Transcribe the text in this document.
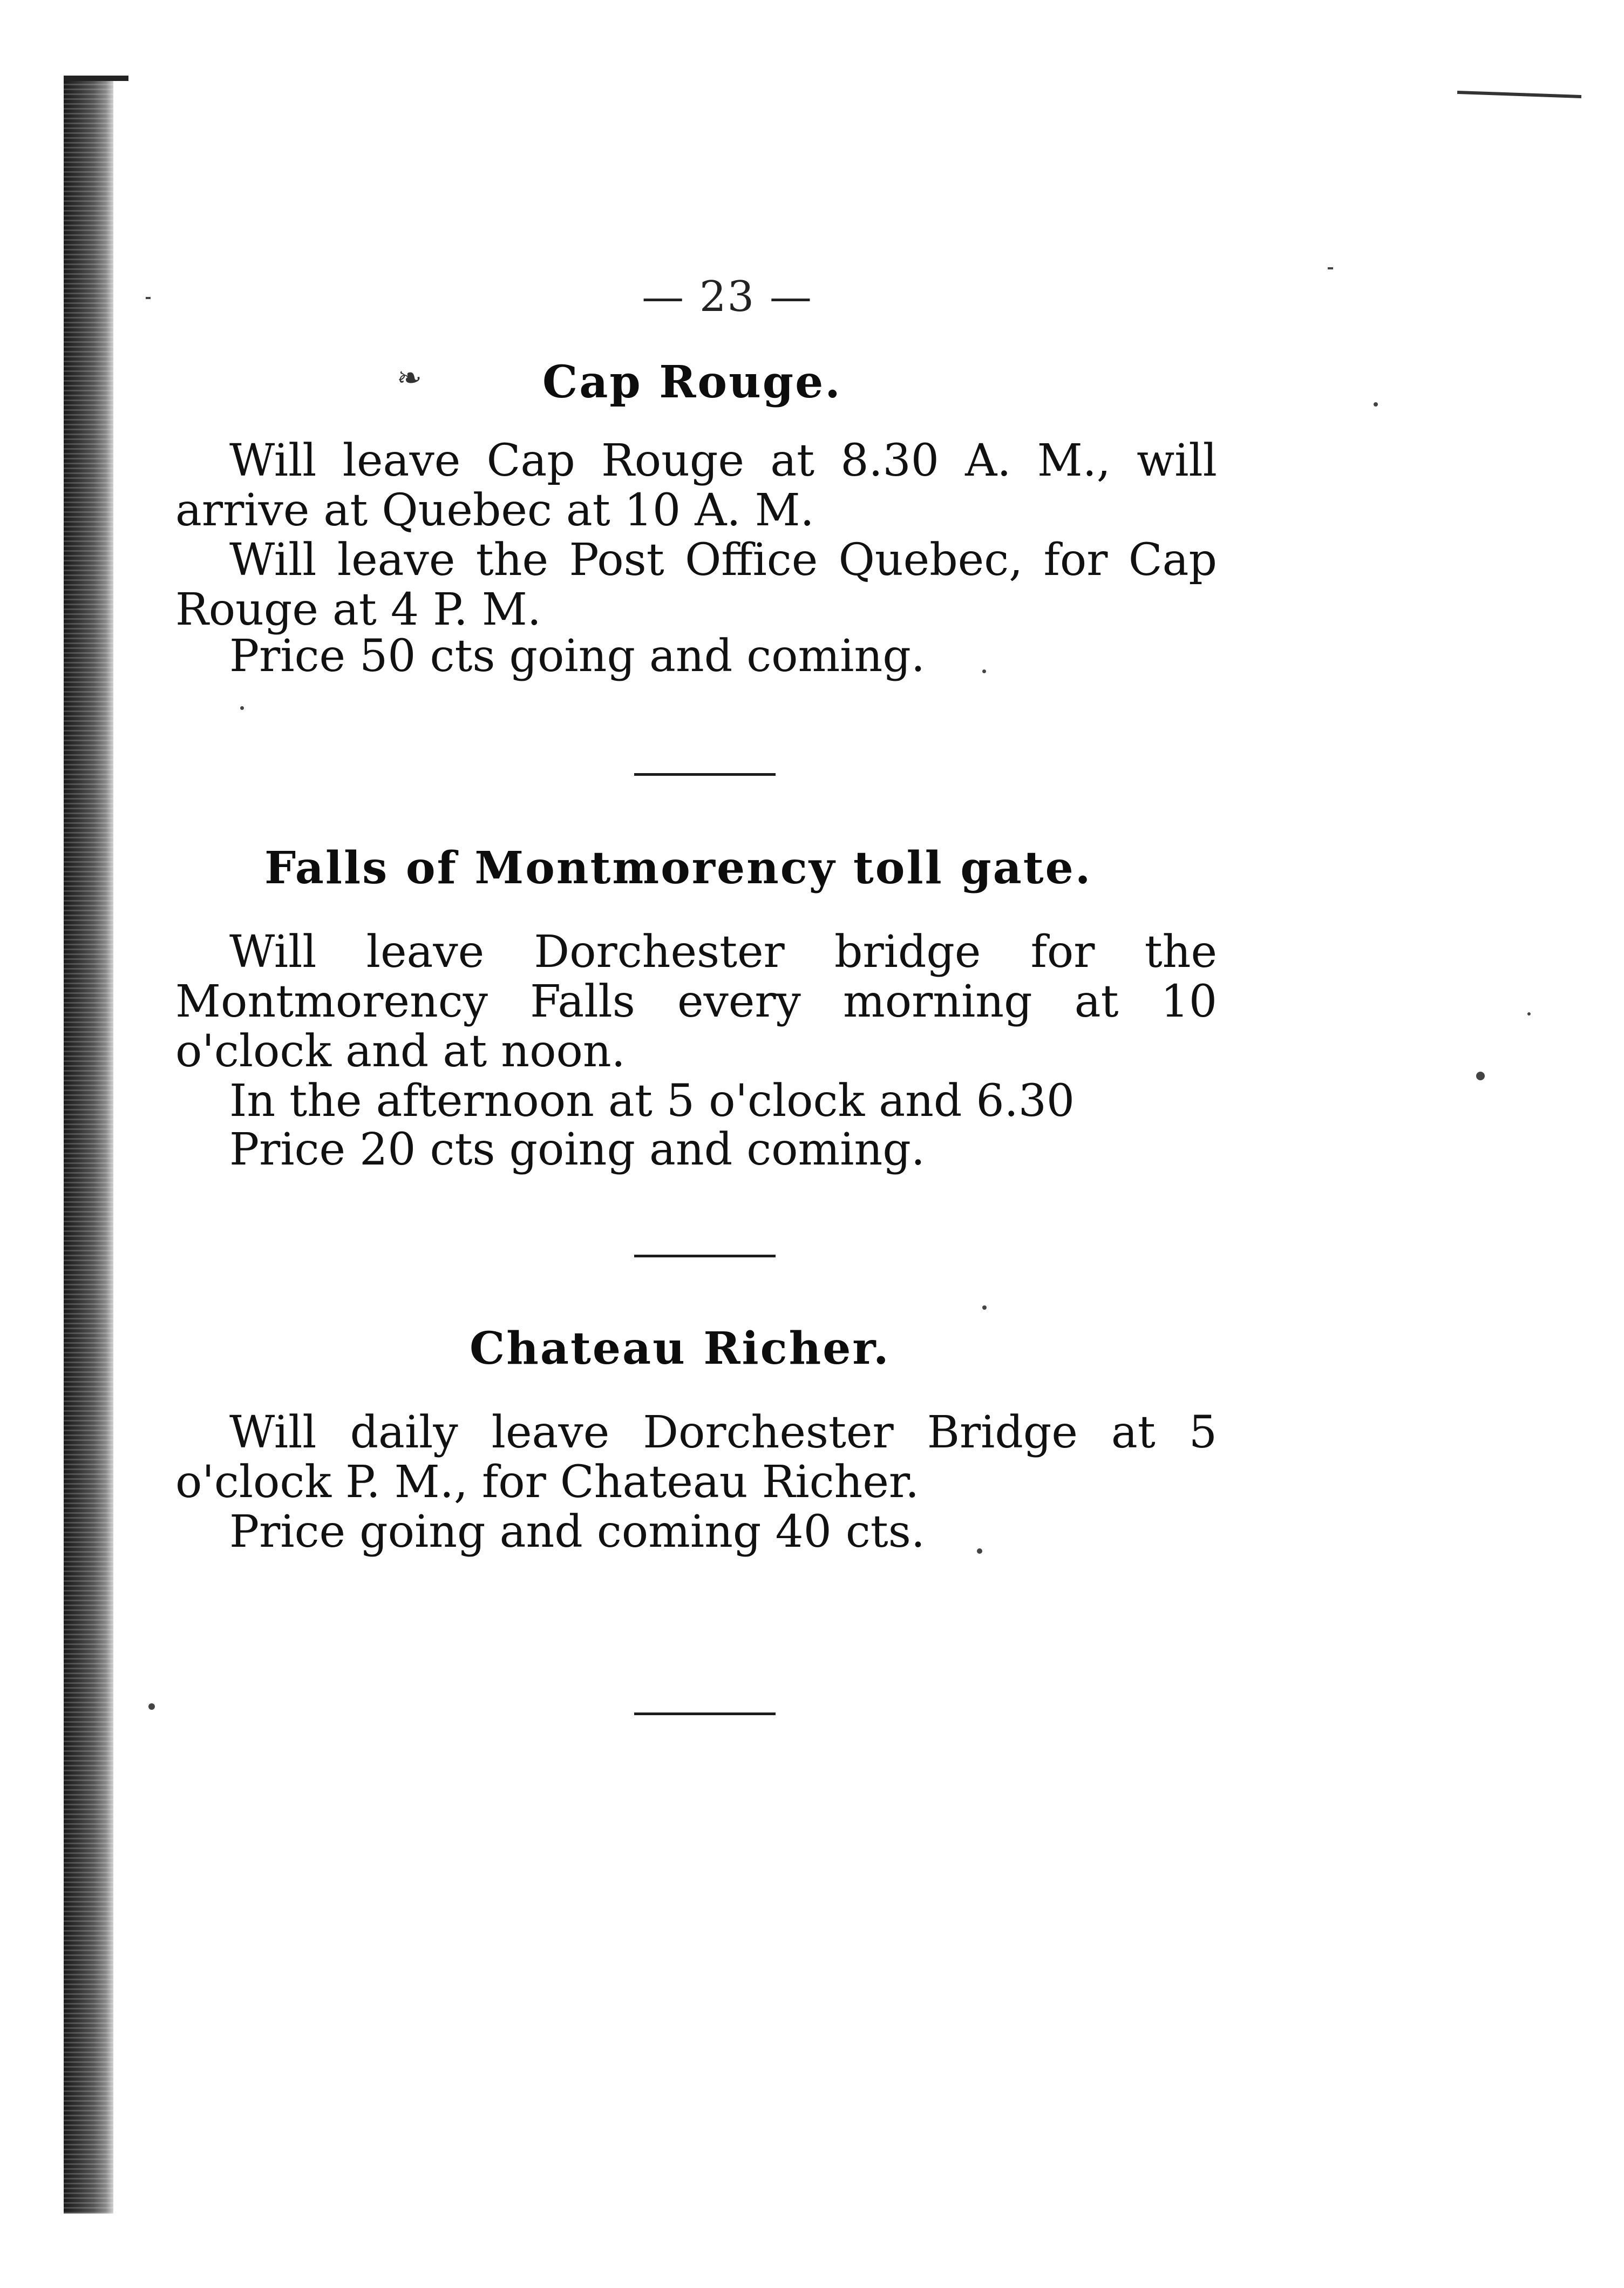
— 23 —
❧	Cap Rouge.

Will leave Cap Rouge at 8.30 A. M., will arrive at Quebec at 10 A. M.

Will leave the Post Office Quebec, for Cap Rouge at 4 P. M.

Price 50 cts going and coming.

Falls of Montmorency toll gate.

Will leave Dorchester bridge for the Montmorency Falls every morning at 10 o'clock and at noon.

In the afternoon at 5 o'clock and 6.30

Price 20 cts going and coming.

Chateau Richer.

Will daily leave Dorchester Bridge at 5 o'clock P. M., for Chateau Richer.

Price going and coming 40 cts.
